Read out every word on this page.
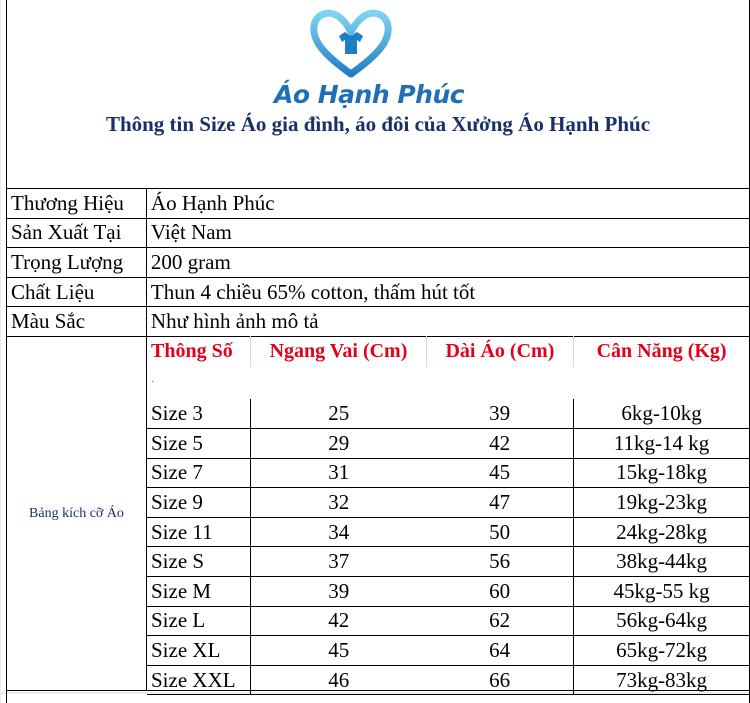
Áo Hạnh Phúc
Thông tin Size Áo gia đình, áo đôi của Xưởng Áo Hạnh Phúc
Thương Hiệu	Áo Hạnh Phúc
Sản Xuất Tại	Việt Nam
Trọng Lượng	200 gram
Chất Liệu	Thun 4 chiều 65% cotton, thấm hút tốt
Màu Sắc	Như hình ảnh mô tả
Bảng kích cỡ Áo
Thông Số	Ngang Vai (Cm)	Dài Áo (Cm)	Cân Năng (Kg)
·			
Size 3	25	39	6kg-10kg
Size 5	29	42	11kg-14 kg
Size 7	31	45	15kg-18kg
Size 9	32	47	19kg-23kg
Size 11	34	50	24kg-28kg
Size S	37	56	38kg-44kg
Size M	39	60	45kg-55 kg
Size L	42	62	56kg-64kg
Size XL	45	64	65kg-72kg
Size XXL	46	66	73kg-83kg
